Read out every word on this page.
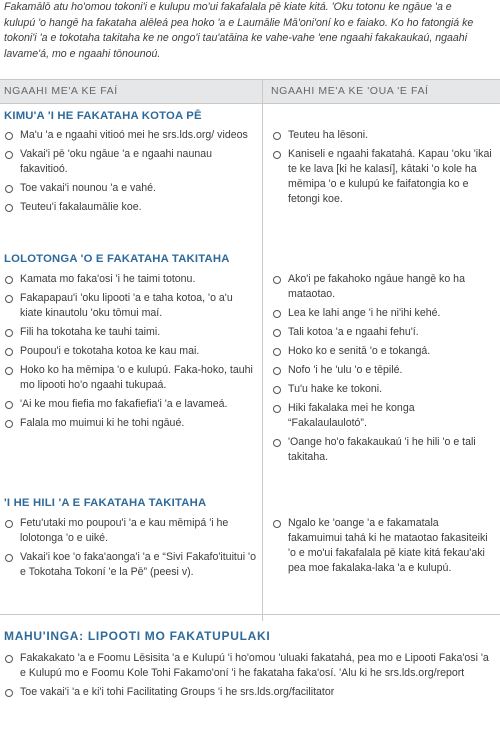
Fakamālō atu ho'omou tokoni'i e kulupu mo'ui fakafalala pē kiate kitá. 'Oku totonu ke ngāue 'a e kulupú 'o hangē ha fakataha alēleá pea hoko 'a e Laumālie Mā'oni'oní ko e faiako. Ko ho fatongiá ke tokoni'i 'a e tokotaha takitaha ke ne ongo'i tau'atāina ke vahe-vahe 'ene ngaahi fakakaukaú, ngaahi lavame'á, mo e ngaahi tōnounoú.
NGAAHI ME'A KE FAÍ	NGAAHI ME'A KE 'OUA 'E FAÍ
KIMU'A 'I HE FAKATAHA KOTOA PĒ
Ma'u 'a e ngaahi vitioó mei he srs.lds.org/ videos
Vakai'i pē 'oku ngāue 'a e ngaahi naunau fakavitioó.
Toe vakai'i nounou 'a e vahé.
Teuteu'i fakalaumālie koe.
Teuteu ha lēsoni.
Kaniseli e ngaahi fakatahá. Kapau 'oku 'ikai te ke lava [ki he kalasí], kātaki 'o kole ha mēmipa 'o e kulupú ke faifatongia ko e fetongi koe.
LOLOTONGA 'O E FAKATAHA TAKITAHA
Kamata mo faka'osi 'i he taimi totonu.
Fakapapau'i 'oku lipooti 'a e taha kotoa, 'o a'u kiate kinautolu 'oku tōmui maí.
Fili ha tokotaha ke tauhi taimi.
Poupou'i e tokotaha kotoa ke kau mai.
Hoko ko ha mēmipa 'o e kulupú. Faka-hoko, tauhi mo lipooti ho'o ngaahi tukupaá.
'Ai ke mou fiefia mo fakafiefia'i 'a e lavameá.
Falala mo muimui ki he tohi ngāué.
Ako'i pe fakahoko ngāue hangē ko ha mataotao.
Lea ke lahi ange 'i he ni'ihi kehé.
Tali kotoa 'a e ngaahi fehu'í.
Hoko ko e senitā 'o e tokangá.
Nofo 'i he 'ulu 'o e tēpilé.
Tu'u hake ke tokoni.
Hiki fakalaka mei he konga “Fakalaulaulotó”.
'Oange ho'o fakakaukaú 'i he hili 'o e tali takitaha.
'I HE HILI 'A E FAKATAHA TAKITAHA
Fetu'utaki mo poupou'i 'a e kau mēmipá 'i he lolotonga 'o e uiké.
Vakai'i koe 'o faka'aonga'i 'a e “Sivi Fakafo'ituitui 'o e Tokotaha Tokoní 'e la Pē” (peesi v).
Ngalo ke 'oange 'a e fakamatala fakamuimui tahá ki he mataotao fakasiteiki 'o e mo'ui fakafalala pē kiate kitá fekau'aki pea moe fakalaka-laka 'a e kulupú.
MAHU'INGA: LIPOOTI MO FAKATUPULAKI
Fakakakato 'a e Foomu Lēsisita 'a e Kulupú 'i ho'omou 'uluaki fakatahá, pea mo e Lipooti Faka'osi 'a e Kulupú mo e Foomu Kole Tohi Fakamo'oní 'i he fakataha faka'osí. 'Alu ki he srs.lds.org/report
Toe vakai'i 'a e ki'i tohi Facilitating Groups 'i he srs.lds.org/facilitator
